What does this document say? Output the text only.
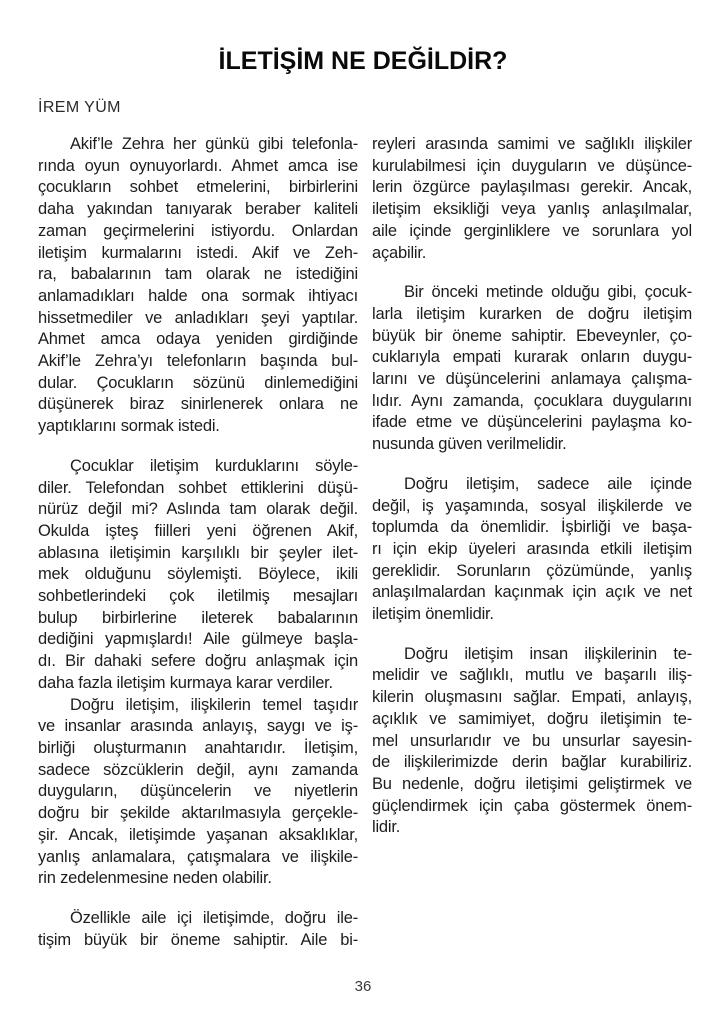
İLETİŞİM NE DEĞİLDİR?
İREM YÜM
Akif’le Zehra her günkü gibi telefonla-
rında oyun oynuyorlardı. Ahmet amca ise
çocukların sohbet etmelerini, birbirlerini
daha yakından tanıyarak beraber kaliteli
zaman geçirmelerini istiyordu. Onlardan
iletişim kurmalarını istedi. Akif ve Zeh-
ra, babalarının tam olarak ne istediğini
anlamadıkları halde ona sormak ihtiyacı
hissetmediler ve anladıkları şeyi yaptılar.
Ahmet amca odaya yeniden girdiğinde
Akif’le Zehra’yı telefonların başında bul-
dular. Çocukların sözünü dinlemediğini
düşünerek biraz sinirlenerek onlara ne
yaptıklarını sormak istedi.
Çocuklar iletişim kurduklarını söyle-
diler. Telefondan sohbet ettiklerini düşü-
nürüz değil mi? Aslında tam olarak değil.
Okulda işteş fiilleri yeni öğrenen Akif,
ablasına iletişimin karşılıklı bir şeyler ilet-
mek olduğunu söylemişti. Böylece, ikili
sohbetlerindeki çok iletilmiş mesajları
bulup birbirlerine ileterek babalarının
dediğini yapmışlardı! Aile gülmeye başla-
dı. Bir dahaki sefere doğru anlaşmak için
daha fazla iletişim kurmaya karar verdiler.
Doğru iletişim, ilişkilerin temel taşıdır
ve insanlar arasında anlayış, saygı ve iş-
birliği oluşturmanın anahtarıdır. İletişim,
sadece sözcüklerin değil, aynı zamanda
duyguların, düşüncelerin ve niyetlerin
doğru bir şekilde aktarılmasıyla gerçekle-
şir. Ancak, iletişimde yaşanan aksaklıklar,
yanlış anlamalara, çatışmalara ve ilişkile-
rin zedelenmesine neden olabilir.
Özellikle aile içi iletişimde, doğru ile-
tişim büyük bir öneme sahiptir. Aile bi-
reyleri arasında samimi ve sağlıklı ilişkiler
kurulabilmesi için duyguların ve düşünce-
lerin özgürce paylaşılması gerekir. Ancak,
iletişim eksikliği veya yanlış anlaşılmalar,
aile içinde gerginliklere ve sorunlara yol
açabilir.
Bir önceki metinde olduğu gibi, çocuk-
larla iletişim kurarken de doğru iletişim
büyük bir öneme sahiptir. Ebeveynler, ço-
cuklarıyla empati kurarak onların duygu-
larını ve düşüncelerini anlamaya çalışma-
lıdır. Aynı zamanda, çocuklara duygularını
ifade etme ve düşüncelerini paylaşma ko-
nusunda güven verilmelidir.
Doğru iletişim, sadece aile içinde
değil, iş yaşamında, sosyal ilişkilerde ve
toplumda da önemlidir. İşbirliği ve başa-
rı için ekip üyeleri arasında etkili iletişim
gereklidir. Sorunların çözümünde, yanlış
anlaşılmalardan kaçınmak için açık ve net
iletişim önemlidir.
Doğru iletişim insan ilişkilerinin te-
melidir ve sağlıklı, mutlu ve başarılı iliş-
kilerin oluşmasını sağlar. Empati, anlayış,
açıklık ve samimiyet, doğru iletişimin te-
mel unsurlarıdır ve bu unsurlar sayesin-
de ilişkilerimizde derin bağlar kurabiliriz.
Bu nedenle, doğru iletişimi geliştirmek ve
güçlendirmek için çaba göstermek önem-
lidir.
36
